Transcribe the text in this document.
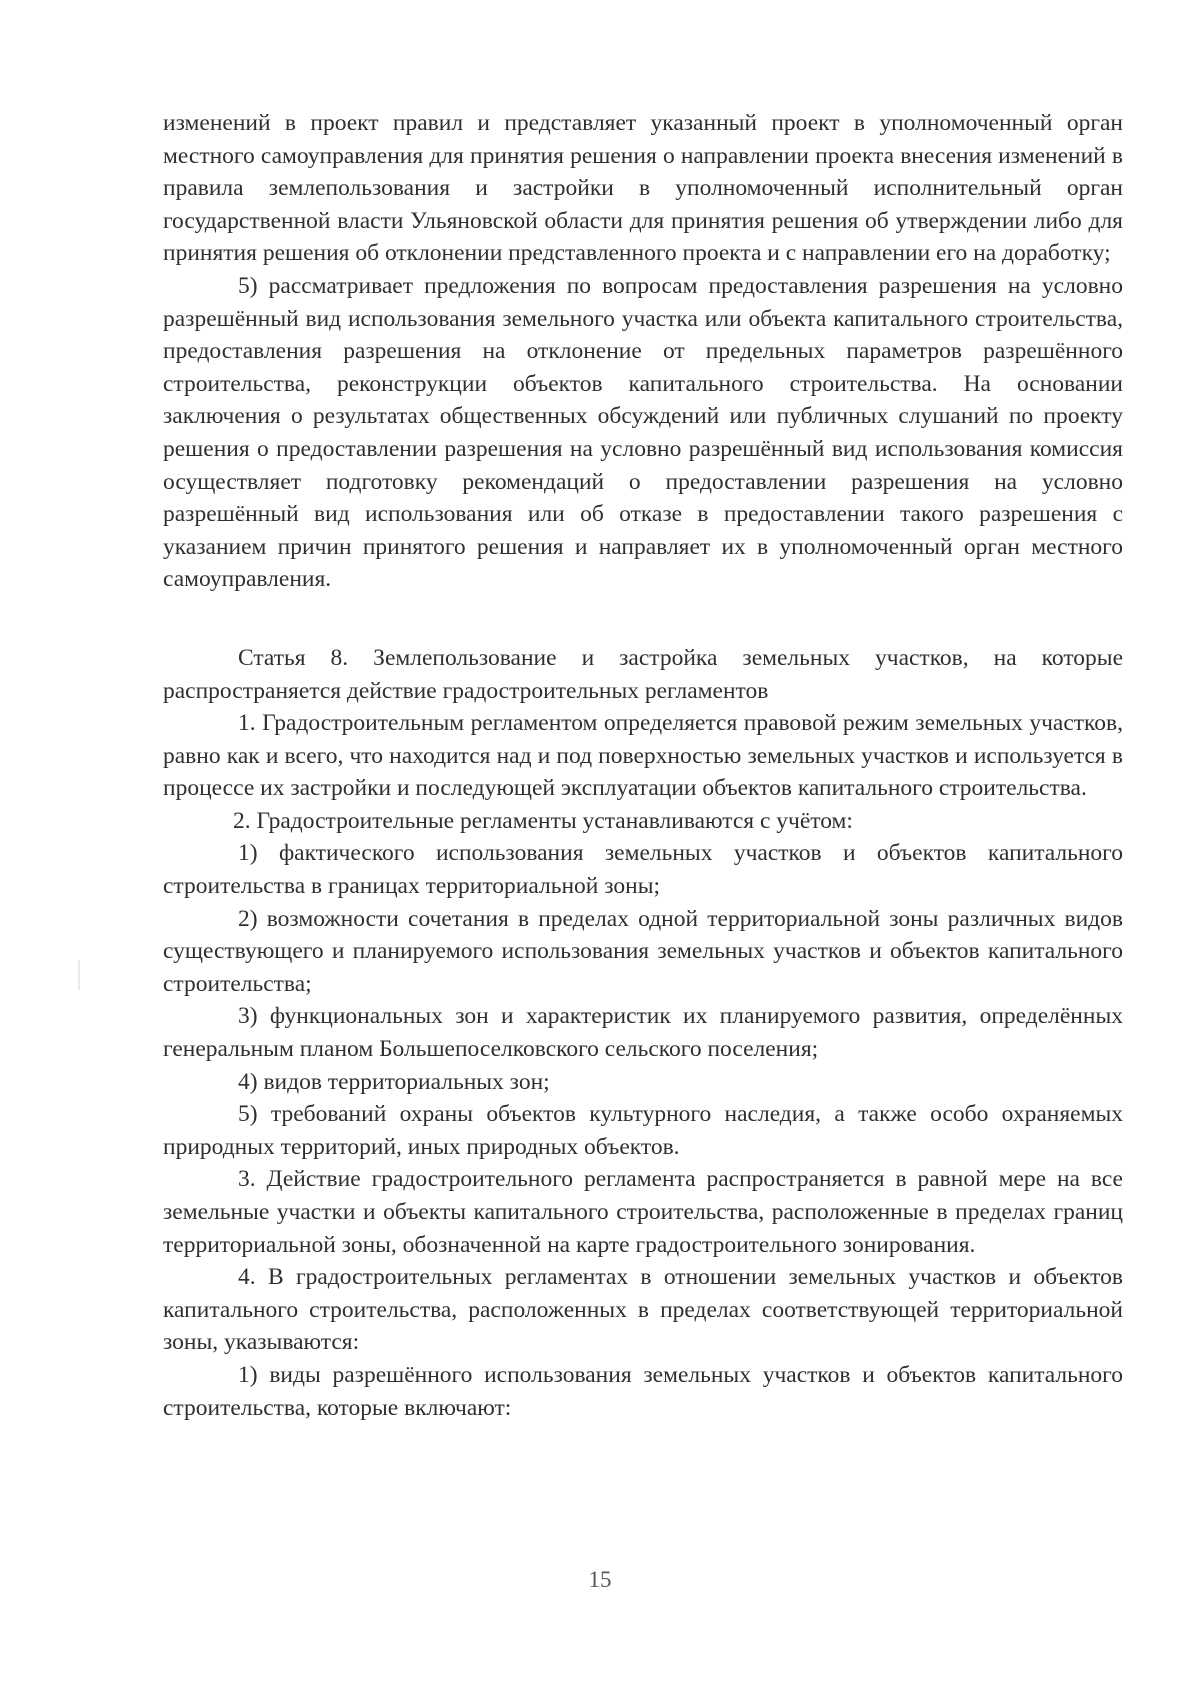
изменений в проект правил и представляет указанный проект в уполномоченный орган местного самоуправления для принятия решения о направлении проекта внесения изменений в правила землепользования и застройки в уполномоченный исполнительный орган государственной власти Ульяновской области для принятия решения об утверждении либо для принятия решения об отклонении представленного проекта и с направлении его на доработку;

5) рассматривает предложения по вопросам предоставления разрешения на условно разрешённый вид использования земельного участка или объекта капитального строительства, предоставления разрешения на отклонение от предельных параметров разрешённого строительства, реконструкции объектов капитального строительства. На основании заключения о результатах общественных обсуждений или публичных слушаний по проекту решения о предоставлении разрешения на условно разрешённый вид использования комиссия осуществляет подготовку рекомендаций о предоставлении разрешения на условно разрешённый вид использования или об отказе в предоставлении такого разрешения с указанием причин принятого решения и направляет их в уполномоченный орган местного самоуправления.

Статья 8. Землепользование и застройка земельных участков, на которые распространяется действие градостроительных регламентов

1. Градостроительным регламентом определяется правовой режим земельных участков, равно как и всего, что находится над и под поверхностью земельных участков и используется в процессе их застройки и последующей эксплуатации объектов капитального строительства.

2. Градостроительные регламенты устанавливаются с учётом:

1) фактического использования земельных участков и объектов капитального строительства в границах территориальной зоны;

2) возможности сочетания в пределах одной территориальной зоны различных видов существующего и планируемого использования земельных участков и объектов капитального строительства;

3) функциональных зон и характеристик их планируемого развития, определённых генеральным планом Большепоселковского сельского поселения;

4) видов территориальных зон;

5) требований охраны объектов культурного наследия, а также особо охраняемых природных территорий, иных природных объектов.

3. Действие градостроительного регламента распространяется в равной мере на все земельные участки и объекты капитального строительства, расположенные в пределах границ территориальной зоны, обозначенной на карте градостроительного зонирования.

4. В градостроительных регламентах в отношении земельных участков и объектов капитального строительства, расположенных в пределах соответствующей территориальной зоны, указываются:

1) виды разрешённого использования земельных участков и объектов капитального строительства, которые включают:

15
